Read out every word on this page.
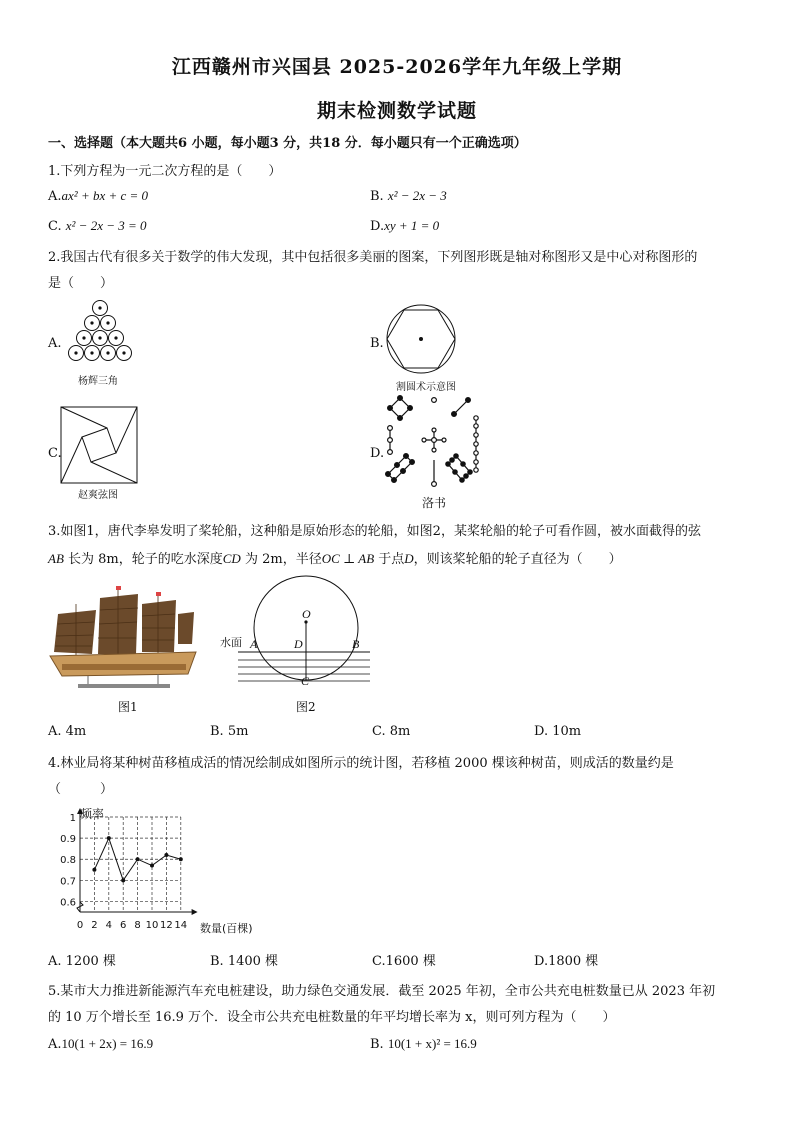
江西赣州市兴国县 2025-2026学年九年级上学期
期末检测数学试题
一、选择题（本大题共6 小题，每小题3 分，共18 分．每小题只有一个正确选项）
1.下列方程为一元二次方程的是（　　）
A.ax² + bx + c = 0	B. x² − 2x − 3
C. x² − 2x − 3 = 0	D.xy + 1 = 0
2.我国古代有很多关于数学的伟大发现，其中包括很多美丽的图案，下列图形既是轴对称图形又是中心对称图形的
是（　　）
A.
杨辉三角
B.
割圆术示意图
C.
赵爽弦图
D.
洛书
3.如图1，唐代李皋发明了桨轮船，这种船是原始形态的轮船，如图2，某桨轮船的轮子可看作圆，被水面截得的弦
AB 长为 8m，轮子的吃水深度CD 为 2m，半径OC ⊥ AB 于点D，则该桨轮船的轮子直径为（　　）
图1
O
A	B
D
C
水面
图2
A. 4m	B. 5m	C. 8m	D. 10m
4.林业局将某种树苗移植成活的情况绘制成如图所示的统计图，若移植 2000 棵该种树苗，则成活的数量约是
（　　　）
0 2 4 6 8 10 12 14
0.6
0.7
0.8
0.9
1 频率
数量(百棵)
A. 1200 棵	B. 1400 棵	C.1600 棵	D.1800 棵
5.某市大力推进新能源汽车充电桩建设，助力绿色交通发展．截至 2025 年初，全市公共充电桩数量已从 2023 年初
的 10 万个增长至 16.9 万个．设全市公共充电桩数量的年平均增长率为 x，则可列方程为（　　）
A.10(1 + 2x) = 16.9	B. 10(1 + x)² = 16.9
